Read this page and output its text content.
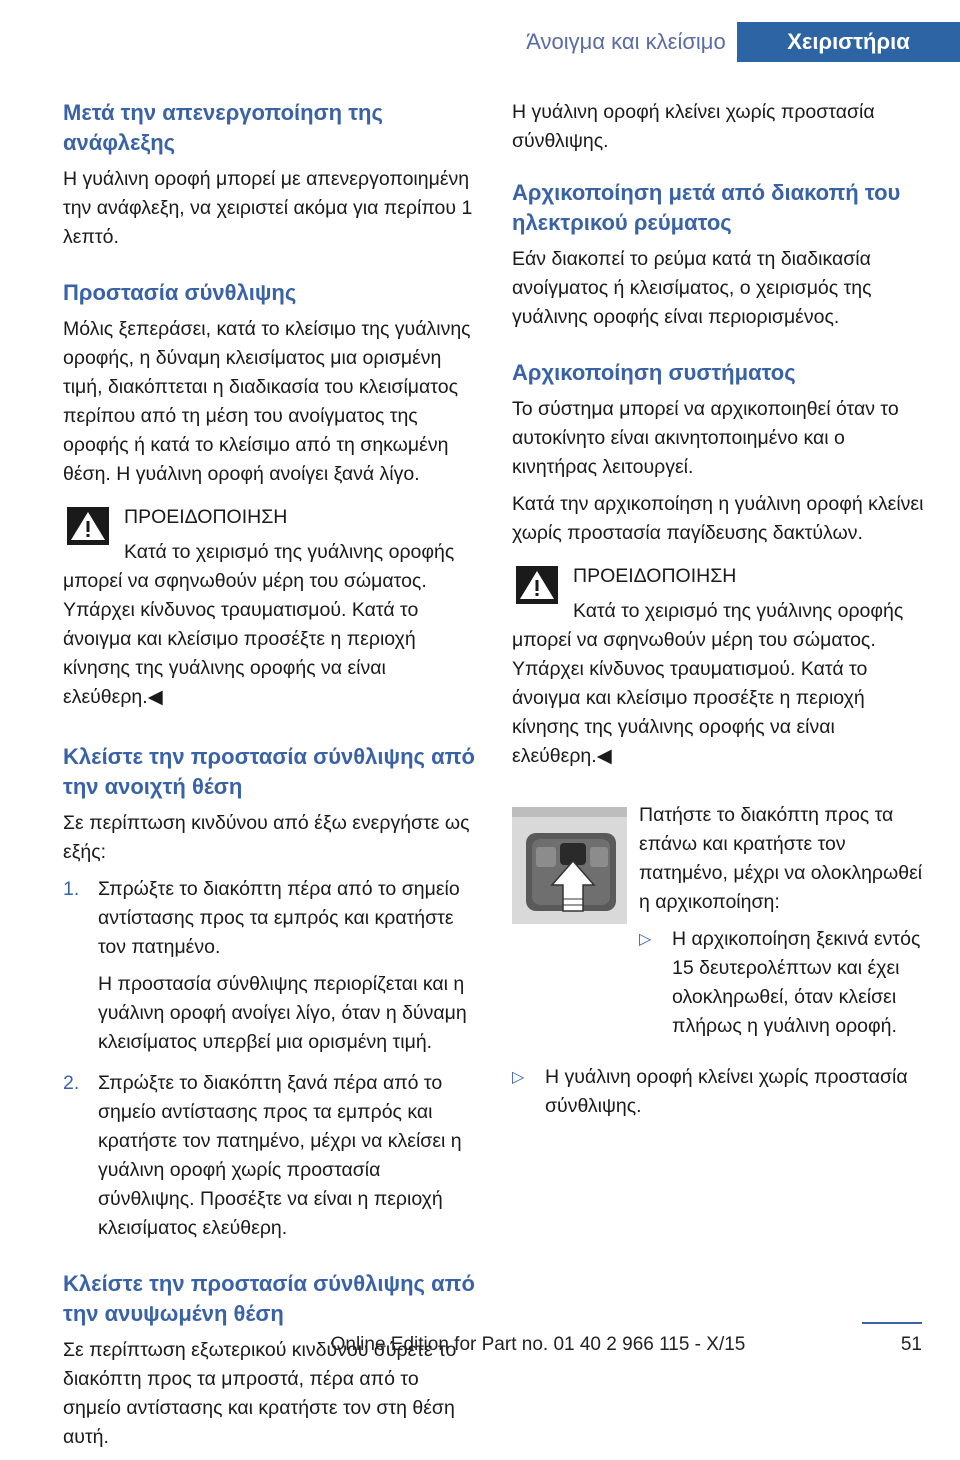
Άνοιγμα και κλείσιμο	Χειριστήρια
Μετά την απενεργοποίηση της ανάφλεξης

Η γυάλινη οροφή μπορεί με απενεργοποιημένη την ανάφλεξη, να χειριστεί ακόμα για περίπου 1 λεπτό.

Προστασία σύνθλιψης

Μόλις ξεπεράσει, κατά το κλείσιμο της γυάλινης οροφής, η δύναμη κλεισίματος μια ορισμένη τιμή, διακόπτεται η διαδικασία του κλεισίματος περίπου από τη μέση του ανοίγματος της οροφής ή κατά το κλείσιμο από τη σηκωμένη θέση. Η γυάλινη οροφή ανοίγει ξανά λίγο.

ΠΡΟΕΙΔΟΠΟΙΗΣΗ

Κατά το χειρισμό της γυάλινης οροφής μπορεί να σφηνωθούν μέρη του σώματος. Υπάρχει κίνδυνος τραυματισμού. Κατά το άνοιγμα και κλείσιμο προσέξτε η περιοχή κίνησης της γυάλινης οροφής να είναι ελεύθερη.◀

Κλείστε την προστασία σύνθλιψης από την ανοιχτή θέση

Σε περίπτωση κινδύνου από έξω ενεργήστε ως εξής:

1. Σπρώξτε το διακόπτη πέρα από το σημείο αντίστασης προς τα εμπρός και κρατήστε τον πατημένο.

Η προστασία σύνθλιψης περιορίζεται και η γυάλινη οροφή ανοίγει λίγο, όταν η δύναμη κλεισίματος υπερβεί μια ορισμένη τιμή.

2. Σπρώξτε το διακόπτη ξανά πέρα από το σημείο αντίστασης προς τα εμπρός και κρατήστε τον πατημένο, μέχρι να κλείσει η γυάλινη οροφή χωρίς προστασία σύνθλιψης. Προσέξτε να είναι η περιοχή κλεισίματος ελεύθερη.

Κλείστε την προστασία σύνθλιψης από την ανυψωμένη θέση

Σε περίπτωση εξωτερικού κινδύνου σύρετε το διακόπτη προς τα μπροστά, πέρα από το σημείο αντίστασης και κρατήστε τον στη θέση αυτή.

Η γυάλινη οροφή κλείνει χωρίς προστασία σύνθλιψης.

Αρχικοποίηση μετά από διακοπή του ηλεκτρικού ρεύματος

Εάν διακοπεί το ρεύμα κατά τη διαδικασία ανοίγματος ή κλεισίματος, ο χειρισμός της γυάλινης οροφής είναι περιορισμένος.

Αρχικοποίηση συστήματος

Το σύστημα μπορεί να αρχικοποιηθεί όταν το αυτοκίνητο είναι ακινητοποιημένο και ο κινητήρας λειτουργεί.

Κατά την αρχικοποίηση η γυάλινη οροφή κλείνει χωρίς προστασία παγίδευσης δακτύλων.

ΠΡΟΕΙΔΟΠΟΙΗΣΗ

Κατά το χειρισμό της γυάλινης οροφής μπορεί να σφηνωθούν μέρη του σώματος. Υπάρχει κίνδυνος τραυματισμού. Κατά το άνοιγμα και κλείσιμο προσέξτε η περιοχή κίνησης της γυάλινης οροφής να είναι ελεύθερη.◀

Πατήστε το διακόπτη προς τα επάνω και κρατήστε τον πατημένο, μέχρι να ολοκληρωθεί η αρχικοποίηση:

▷ Η αρχικοποίηση ξεκινά εντός 15 δευτερολέπτων και έχει ολοκληρωθεί, όταν κλείσει πλήρως η γυάλινη οροφή.

▷ Η γυάλινη οροφή κλείνει χωρίς προστασία σύνθλιψης.

Online Edition for Part no. 01 40 2 966 115 - X/15	51
